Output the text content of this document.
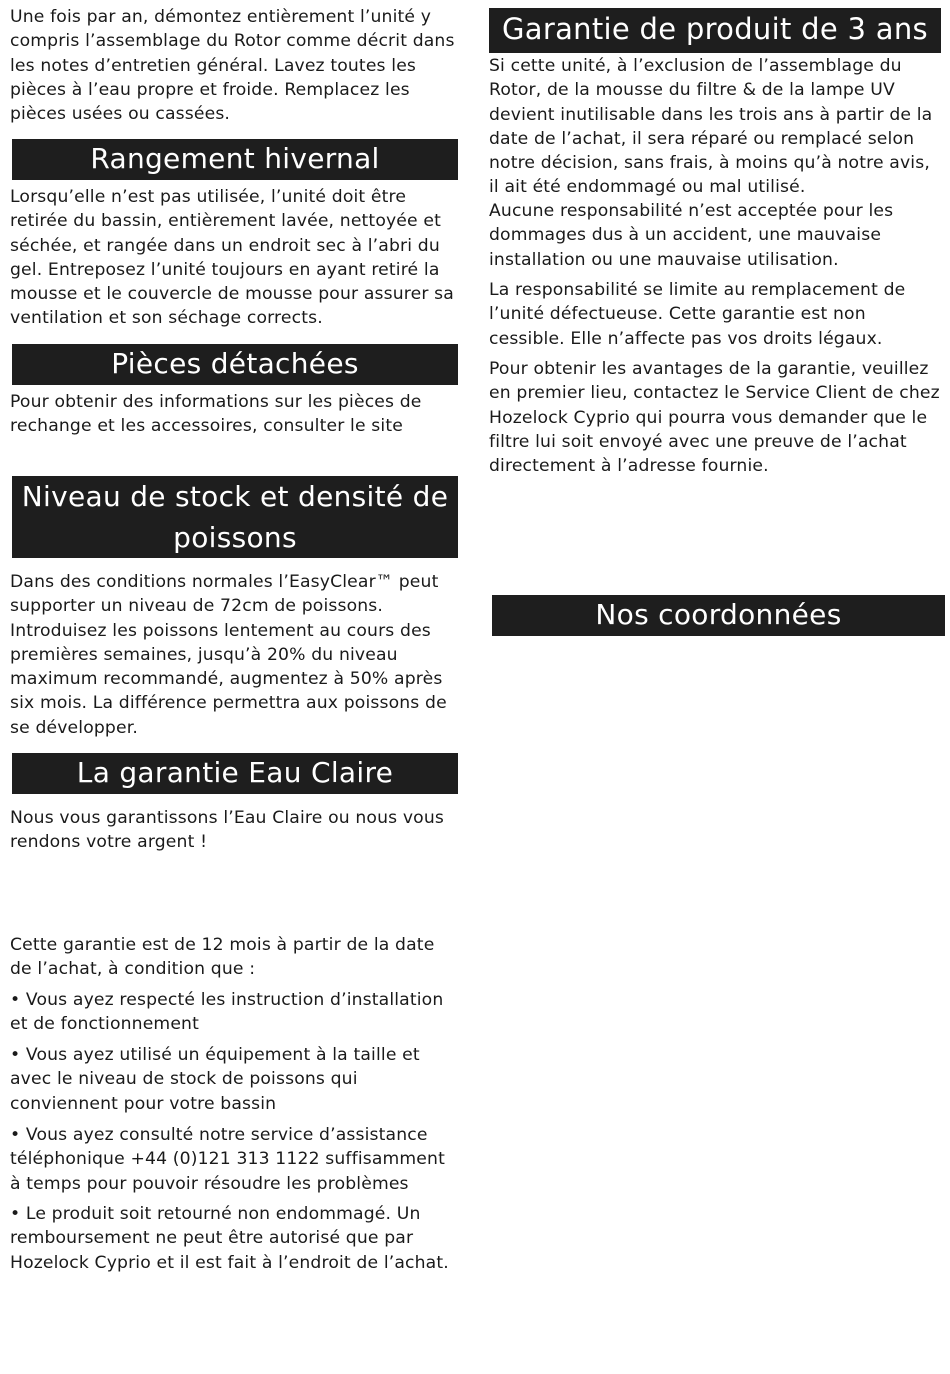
Une fois par an, démontez entièrement l’unité y compris l’assemblage du Rotor comme décrit dans les notes d’entretien général. Lavez toutes les pièces à l’eau propre et froide. Remplacez les pièces usées ou cassées.

Rangement hivernal

Lorsqu’elle n’est pas utilisée, l’unité doit être retirée du bassin, entièrement lavée, nettoyée et séchée, et rangée dans un endroit sec à l’abri du gel. Entreposez l’unité toujours en ayant retiré la mousse et le couvercle de mousse pour assurer sa ventilation et son séchage corrects.

Pièces détachées

Pour obtenir des informations sur les pièces de rechange et les accessoires, consulter le site

Niveau de stock et densité de poissons

Dans des conditions normales l’EasyClear™ peut supporter un niveau de 72cm de poissons. Introduisez les poissons lentement au cours des premières semaines, jusqu’à 20% du niveau maximum recommandé, augmentez à 50% après six mois. La différence permettra aux poissons de se développer.

La garantie Eau Claire

Nous vous garantissons l’Eau Claire ou nous vous rendons votre argent !

Cette garantie est de 12 mois à partir de la date de l’achat, à condition que :

• Vous ayez respecté les instruction d’installation et de fonctionnement

• Vous ayez utilisé un équipement à la taille et avec le niveau de stock de poissons qui conviennent pour votre bassin

• Vous ayez consulté notre service d’assistance téléphonique +44 (0)121 313 1122 suffisamment à temps pour pouvoir résoudre les problèmes

• Le produit soit retourné non endommagé. Un remboursement ne peut être autorisé que par Hozelock Cyprio et il est fait à l’endroit de l’achat.

Garantie de produit de 3 ans

Si cette unité, à l’exclusion de l’assemblage du Rotor, de la mousse du filtre & de la lampe UV devient inutilisable dans les trois ans à partir de la date de l’achat, il sera réparé ou remplacé selon notre décision, sans frais, à moins qu’à notre avis, il ait été endommagé ou mal utilisé.

Aucune responsabilité n’est acceptée pour les dommages dus à un accident, une mauvaise installation ou une mauvaise utilisation.

La responsabilité se limite au remplacement de l’unité défectueuse. Cette garantie est non cessible. Elle n’affecte pas vos droits légaux.

Pour obtenir les avantages de la garantie, veuillez en premier lieu, contactez le Service Client de chez Hozelock Cyprio qui pourra vous demander que le filtre lui soit envoyé avec une preuve de l’achat directement à l’adresse fournie.

Nos coordonnées
